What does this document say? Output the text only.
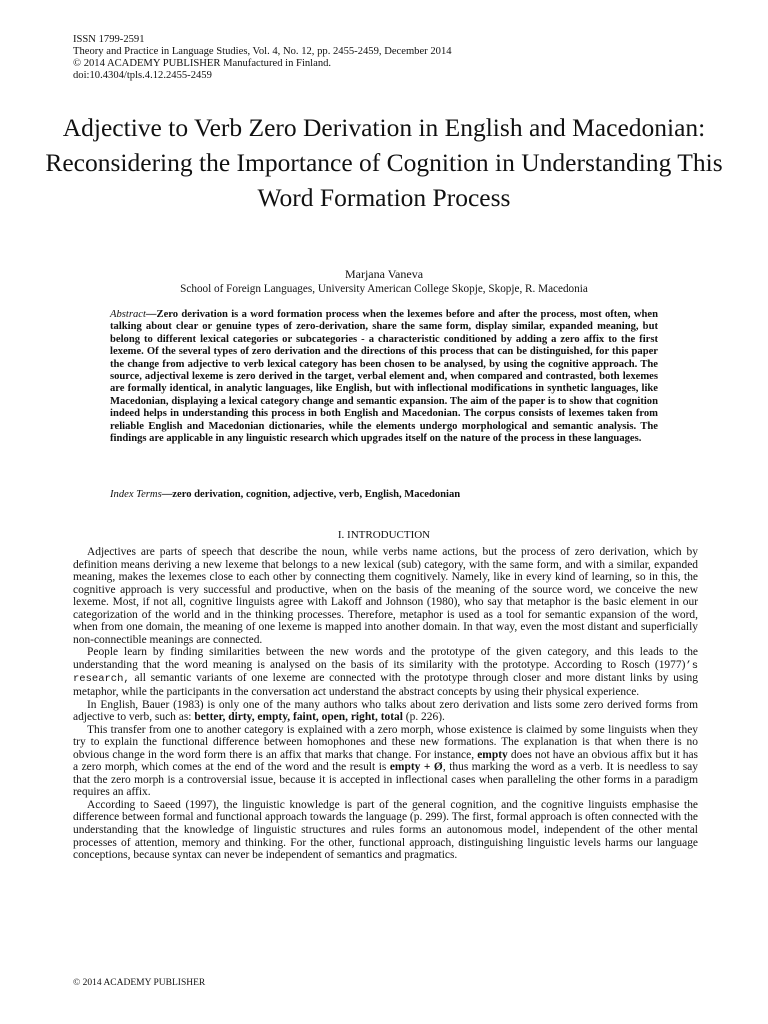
ISSN 1799-2591
Theory and Practice in Language Studies, Vol. 4, No. 12, pp. 2455-2459, December 2014
© 2014 ACADEMY PUBLISHER Manufactured in Finland.
doi:10.4304/tpls.4.12.2455-2459
Adjective to Verb Zero Derivation in English and Macedonian: Reconsidering the Importance of Cognition in Understanding This Word Formation Process
Marjana Vaneva
School of Foreign Languages, University American College Skopje, Skopje, R. Macedonia

Abstract—Zero derivation is a word formation process when the lexemes before and after the process, most often, when talking about clear or genuine types of zero-derivation, share the same form, display similar, expanded meaning, but belong to different lexical categories or subcategories - a characteristic conditioned by adding a zero affix to the first lexeme. Of the several types of zero derivation and the directions of this process that can be distinguished, for this paper the change from adjective to verb lexical category has been chosen to be analysed, by using the cognitive approach. The source, adjectival lexeme is zero derived in the target, verbal element and, when compared and contrasted, both lexemes are formally identical, in analytic languages, like English, but with inflectional modifications in synthetic languages, like Macedonian, displaying a lexical category change and semantic expansion. The aim of the paper is to show that cognition indeed helps in understanding this process in both English and Macedonian. The corpus consists of lexemes taken from reliable English and Macedonian dictionaries, while the elements undergo morphological and semantic analysis. The findings are applicable in any linguistic research which upgrades itself on the nature of the process in these languages.

Index Terms—zero derivation, cognition, adjective, verb, English, Macedonian

I. INTRODUCTION

Adjectives are parts of speech that describe the noun, while verbs name actions, but the process of zero derivation, which by definition means deriving a new lexeme that belongs to a new lexical (sub) category, with the same form, and with a similar, expanded meaning, makes the lexemes close to each other by connecting them cognitively. Namely, like in every kind of learning, so in this, the cognitive approach is very successful and productive, when on the basis of the meaning of the source word, we conceive the new lexeme. Most, if not all, cognitive linguists agree with Lakoff and Johnson (1980), who say that metaphor is the basic element in our categorization of the world and in the thinking processes. Therefore, metaphor is used as a tool for semantic expansion of the word, when from one domain, the meaning of one lexeme is mapped into another domain. In that way, even the most distant and superficially non-connectible meanings are connected.

People learn by finding similarities between the new words and the prototype of the given category, and this leads to the understanding that the word meaning is analysed on the basis of its similarity with the prototype. According to Rosch (1977)’s research, all semantic variants of one lexeme are connected with the prototype through closer and more distant links by using metaphor, while the participants in the conversation act understand the abstract concepts by using their physical experience.

In English, Bauer (1983) is only one of the many authors who talks about zero derivation and lists some zero derived forms from adjective to verb, such as: better, dirty, empty, faint, open, right, total (p. 226).

This transfer from one to another category is explained with a zero morph, whose existence is claimed by some linguists when they try to explain the functional difference between homophones and these new formations. The explanation is that when there is no obvious change in the word form there is an affix that marks that change. For instance, empty does not have an obvious affix but it has a zero morph, which comes at the end of the word and the result is empty + Ø, thus marking the word as a verb. It is needless to say that the zero morph is a controversial issue, because it is accepted in inflectional cases when paralleling the other forms in a paradigm requires an affix.

According to Saeed (1997), the linguistic knowledge is part of the general cognition, and the cognitive linguists emphasise the difference between formal and functional approach towards the language (p. 299). The first, formal approach is often connected with the understanding that the knowledge of linguistic structures and rules forms an autonomous model, independent of the other mental processes of attention, memory and thinking. For the other, functional approach, distinguishing linguistic levels harms our language conceptions, because syntax can never be independent of semantics and pragmatics.

© 2014 ACADEMY PUBLISHER
